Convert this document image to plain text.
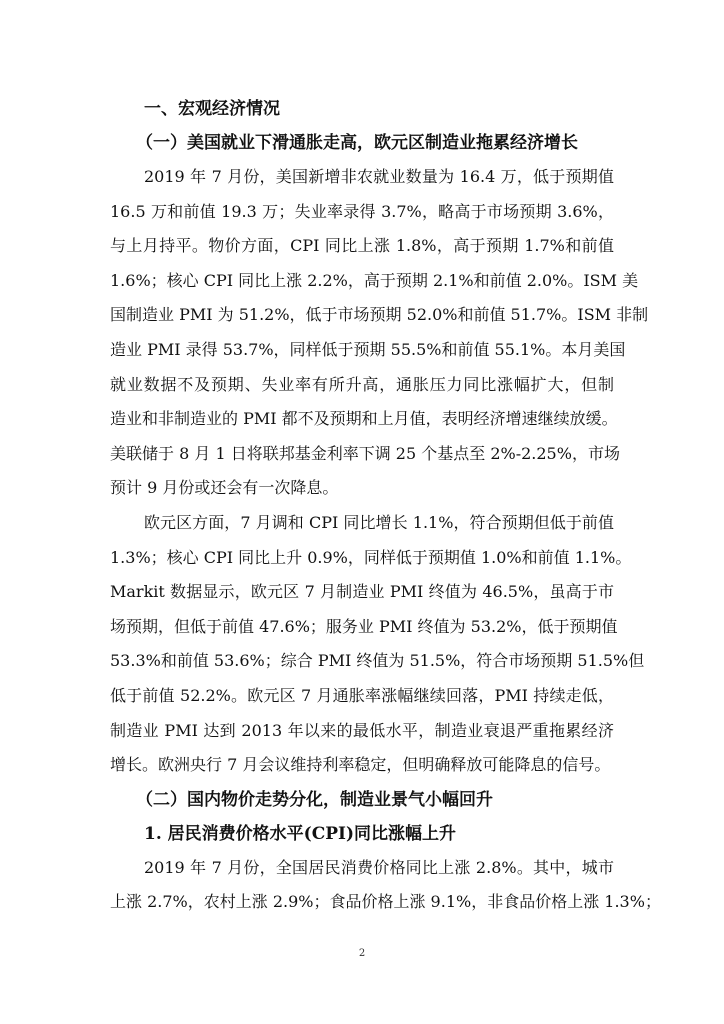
一、宏观经济情况
（一）美国就业下滑通胀走高，欧元区制造业拖累经济增长
2019 年 7 月份，美国新增非农就业数量为 16.4 万，低于预期值
16.5 万和前值 19.3 万；失业率录得 3.7%，略高于市场预期 3.6%，
与上月持平。物价方面，CPI 同比上涨 1.8%，高于预期 1.7%和前值
1.6%；核心 CPI 同比上涨 2.2%，高于预期 2.1%和前值 2.0%。ISM 美
国制造业 PMI 为 51.2%，低于市场预期 52.0%和前值 51.7%。ISM 非制
造业 PMI 录得 53.7%，同样低于预期 55.5%和前值 55.1%。本月美国
就业数据不及预期、失业率有所升高，通胀压力同比涨幅扩大，但制
造业和非制造业的 PMI 都不及预期和上月值，表明经济增速继续放缓。
美联储于 8 月 1 日将联邦基金利率下调 25 个基点至 2%-2.25%，市场
预计 9 月份或还会有一次降息。
欧元区方面，7 月调和 CPI 同比增长 1.1%，符合预期但低于前值
1.3%；核心 CPI 同比上升 0.9%，同样低于预期值 1.0%和前值 1.1%。
Markit 数据显示，欧元区 7 月制造业 PMI 终值为 46.5%，虽高于市
场预期，但低于前值 47.6%；服务业 PMI 终值为 53.2%，低于预期值
53.3%和前值 53.6%；综合 PMI 终值为 51.5%，符合市场预期 51.5%但
低于前值 52.2%。欧元区 7 月通胀率涨幅继续回落，PMI 持续走低，
制造业 PMI 达到 2013 年以来的最低水平，制造业衰退严重拖累经济
增长。欧洲央行 7 月会议维持利率稳定，但明确释放可能降息的信号。
（二）国内物价走势分化，制造业景气小幅回升
1. 居民消费价格水平(CPI)同比涨幅上升
2019 年 7 月份，全国居民消费价格同比上涨 2.8%。其中，城市
上涨 2.7%，农村上涨 2.9%；食品价格上涨 9.1%，非食品价格上涨 1.3%；
2
